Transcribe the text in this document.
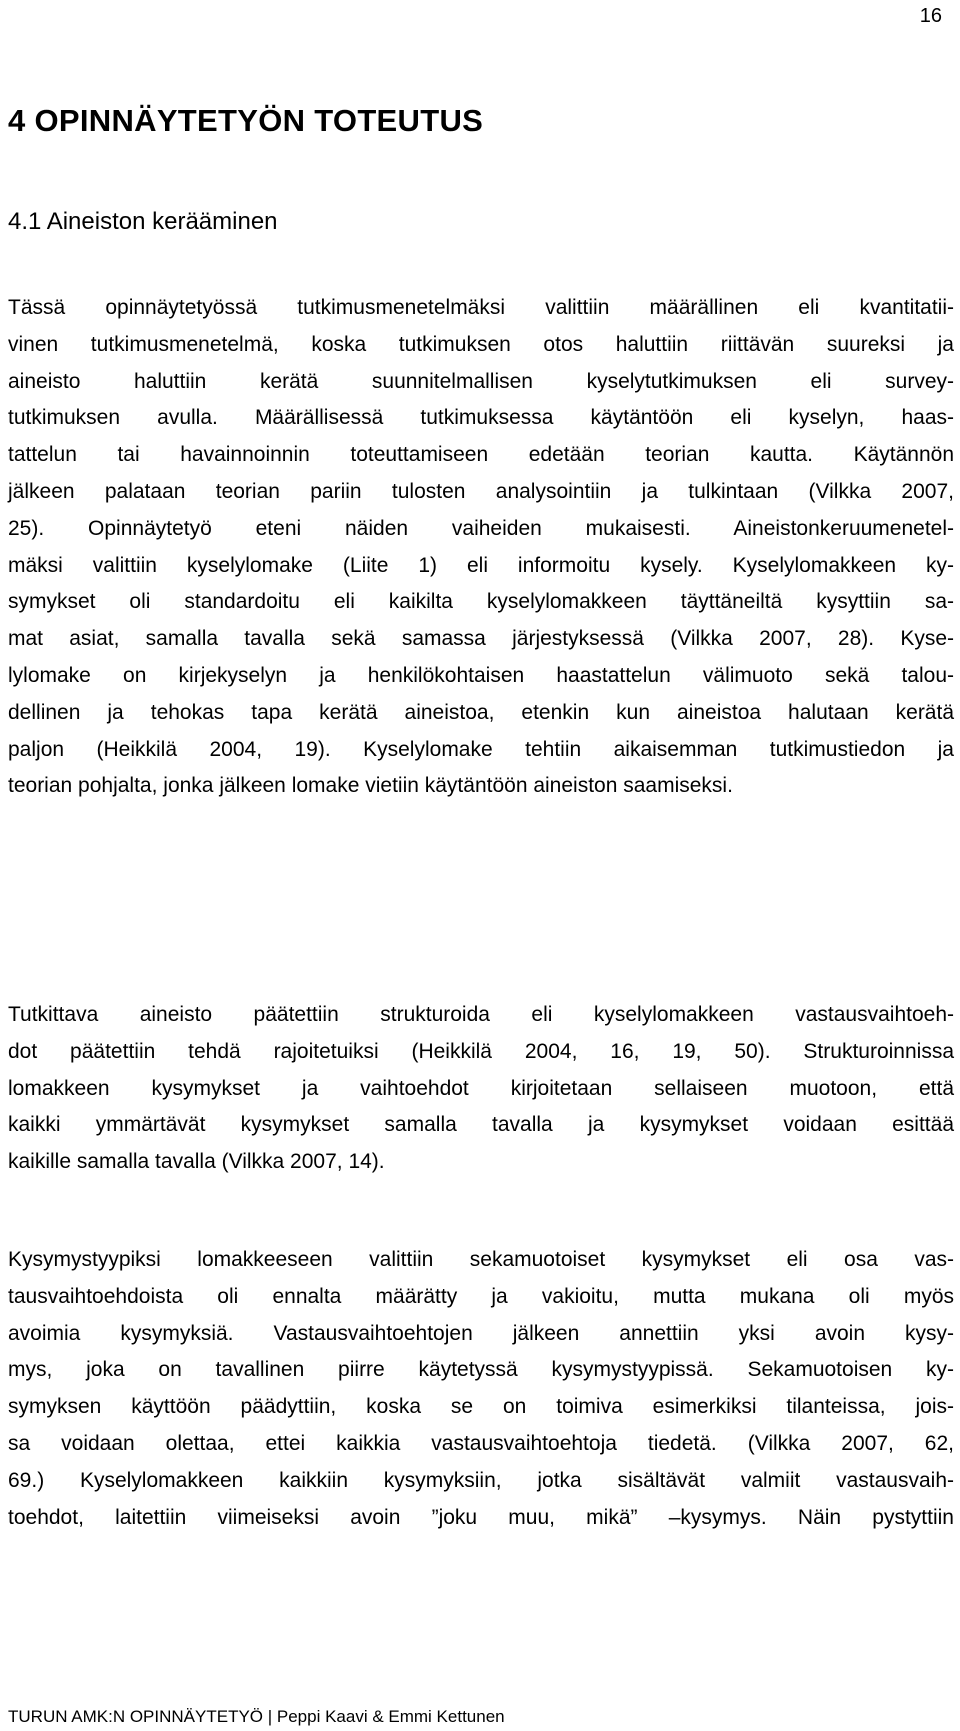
16
4 OPINNÄYTETYÖN TOTEUTUS
4.1 Aineiston kerääminen
Tässä opinnäytetyössä tutkimusmenetelmäksi valittiin määrällinen eli kvantitatii-
vinen tutkimusmenetelmä, koska tutkimuksen otos haluttiin riittävän suureksi ja
aineisto haluttiin kerätä suunnitelmallisen kyselytutkimuksen eli survey-
tutkimuksen avulla. Määrällisessä tutkimuksessa käytäntöön eli kyselyn, haas-
tattelun tai havainnoinnin toteuttamiseen edetään teorian kautta. Käytännön
jälkeen palataan teorian pariin tulosten analysointiin ja tulkintaan (Vilkka 2007,
25). Opinnäytetyö eteni näiden vaiheiden mukaisesti. Aineistonkeruumenetel-
mäksi valittiin kyselylomake (Liite 1) eli informoitu kysely. Kyselylomakkeen ky-
symykset oli standardoitu eli kaikilta kyselylomakkeen täyttäneiltä kysyttiin sa-
mat asiat, samalla tavalla sekä samassa järjestyksessä (Vilkka 2007, 28). Kyse-
lylomake on kirjekyselyn ja henkilökohtaisen haastattelun välimuoto sekä talou-
dellinen ja tehokas tapa kerätä aineistoa, etenkin kun aineistoa halutaan kerätä
paljon (Heikkilä 2004, 19). Kyselylomake tehtiin aikaisemman tutkimustiedon ja
teorian pohjalta, jonka jälkeen lomake vietiin käytäntöön aineiston saamiseksi.
Tutkittava aineisto päätettiin strukturoida eli kyselylomakkeen vastausvaihtoeh-
dot päätettiin tehdä rajoitetuiksi (Heikkilä 2004, 16, 19, 50). Strukturoinnissa
lomakkeen kysymykset ja vaihtoehdot kirjoitetaan sellaiseen muotoon, että
kaikki ymmärtävät kysymykset samalla tavalla ja kysymykset voidaan esittää
kaikille samalla tavalla (Vilkka 2007, 14).
Kysymystyypiksi lomakkeeseen valittiin sekamuotoiset kysymykset eli osa vas-
tausvaihtoehdoista oli ennalta määrätty ja vakioitu, mutta mukana oli myös
avoimia kysymyksiä. Vastausvaihtoehtojen jälkeen annettiin yksi avoin kysy-
mys, joka on tavallinen piirre käytetyssä kysymystyypissä. Sekamuotoisen ky-
symyksen käyttöön päädyttiin, koska se on toimiva esimerkiksi tilanteissa, jois-
sa voidaan olettaa, ettei kaikkia vastausvaihtoehtoja tiedetä. (Vilkka 2007, 62,
69.) Kyselylomakkeen kaikkiin kysymyksiin, jotka sisältävät valmiit vastausvaih-
toehdot, laitettiin viimeiseksi avoin ”joku muu, mikä” –kysymys. Näin pystyttiin
TURUN AMK:N OPINNÄYTETYÖ | Peppi Kaavi & Emmi Kettunen
